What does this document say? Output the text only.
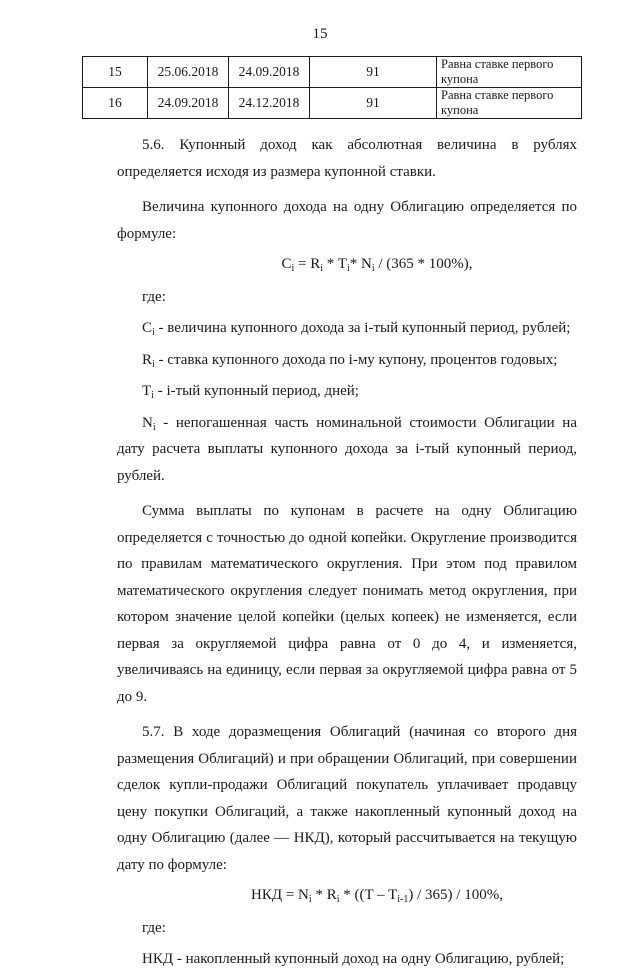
15
15	25.06.2018	24.09.2018	91	Равна ставке первого купона
16	24.09.2018	24.12.2018	91	Равна ставке первого купона

5.6. Купонный доход как абсолютная величина в рублях определяется исходя из размера купонной ставки.

Величина купонного дохода на одну Облигацию определяется по формуле:

$C_i = R_i * T_i*$ $N_i / (365 * 100\%)$,

где:

$C_i$ - величина купонного дохода за i-тый купонный период, рублей;

$R_i$ - ставка купонного дохода по i-му купону, процентов годовых;

$T_i - i-тый$ купонный период, дней;

$N_i$ - непогашенная часть номинальной стоимости Облигации на дату расчета выплаты купонного дохода за i-тый купонный период, рублей.

Сумма выплаты по купонам в расчете на одну Облигацию определяется с точностью до одной копейки. Округление производится по правилам математического округления. При этом под правилом математического округления следует понимать метод округления, при котором значение целой копейки (целых копеек) не изменяется, если первая за округляемой цифра равна от 0 до 4, и изменяется, увеличиваясь на единицу, если первая за округляемой цифра равна от 5 до 9.

5.7. В ходе доразмещения Облигаций (начиная со второго дня размещения Облигаций) и при обращении Облигаций, при совершении сделок купли-продажи Облигаций покупатель уплачивает продавцу цену покупки Облигаций, а также накопленный купонный доход на одну Облигацию (далее — НКД), который рассчитывается на текущую дату по формуле:

НКД = $N_i * R_i * ((T - T_{i-1}) / 365) / 100\%$,

где:

НКД - накопленный купонный доход на одну Облигацию, рублей;
